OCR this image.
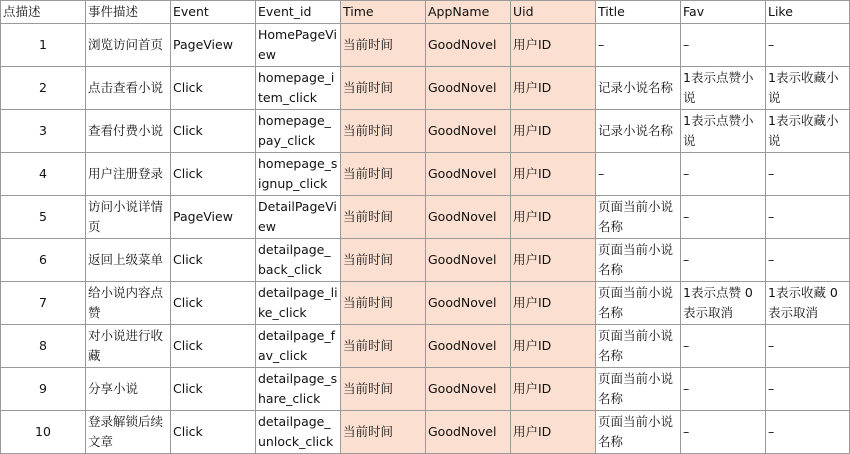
点描述	事件描述	Event	Event_id	Time	AppName	Uid	Title	Fav	Like
1	浏览访问首页	PageView	HomePageView	当前时间	GoodNovel	用户ID	–	–	–
2	点击查看小说	Click	homepage_item_click	当前时间	GoodNovel	用户ID	记录小说名称	1表示点赞小说	1表示收藏小说
3	查看付费小说	Click	homepage_pay_click	当前时间	GoodNovel	用户ID	记录小说名称	1表示点赞小说	1表示收藏小说
4	用户注册登录	Click	homepage_signup_click	当前时间	GoodNovel	用户ID	–	–	–
5	访问小说详情页	PageView	DetailPageView	当前时间	GoodNovel	用户ID	页面当前小说名称	–	–
6	返回上级菜单	Click	detailpage_back_click	当前时间	GoodNovel	用户ID	页面当前小说名称	–	–
7	给小说内容点赞	Click	detailpage_like_click	当前时间	GoodNovel	用户ID	页面当前小说名称	1表示点赞 0表示取消	1表示收藏 0表示取消
8	对小说进行收藏	Click	detailpage_fav_click	当前时间	GoodNovel	用户ID	页面当前小说名称	–	–
9	分享小说	Click	detailpage_share_click	当前时间	GoodNovel	用户ID	页面当前小说名称	–	–
10	登录解锁后续文章	Click	detailpage_unlock_click	当前时间	GoodNovel	用户ID	页面当前小说名称	–	–
